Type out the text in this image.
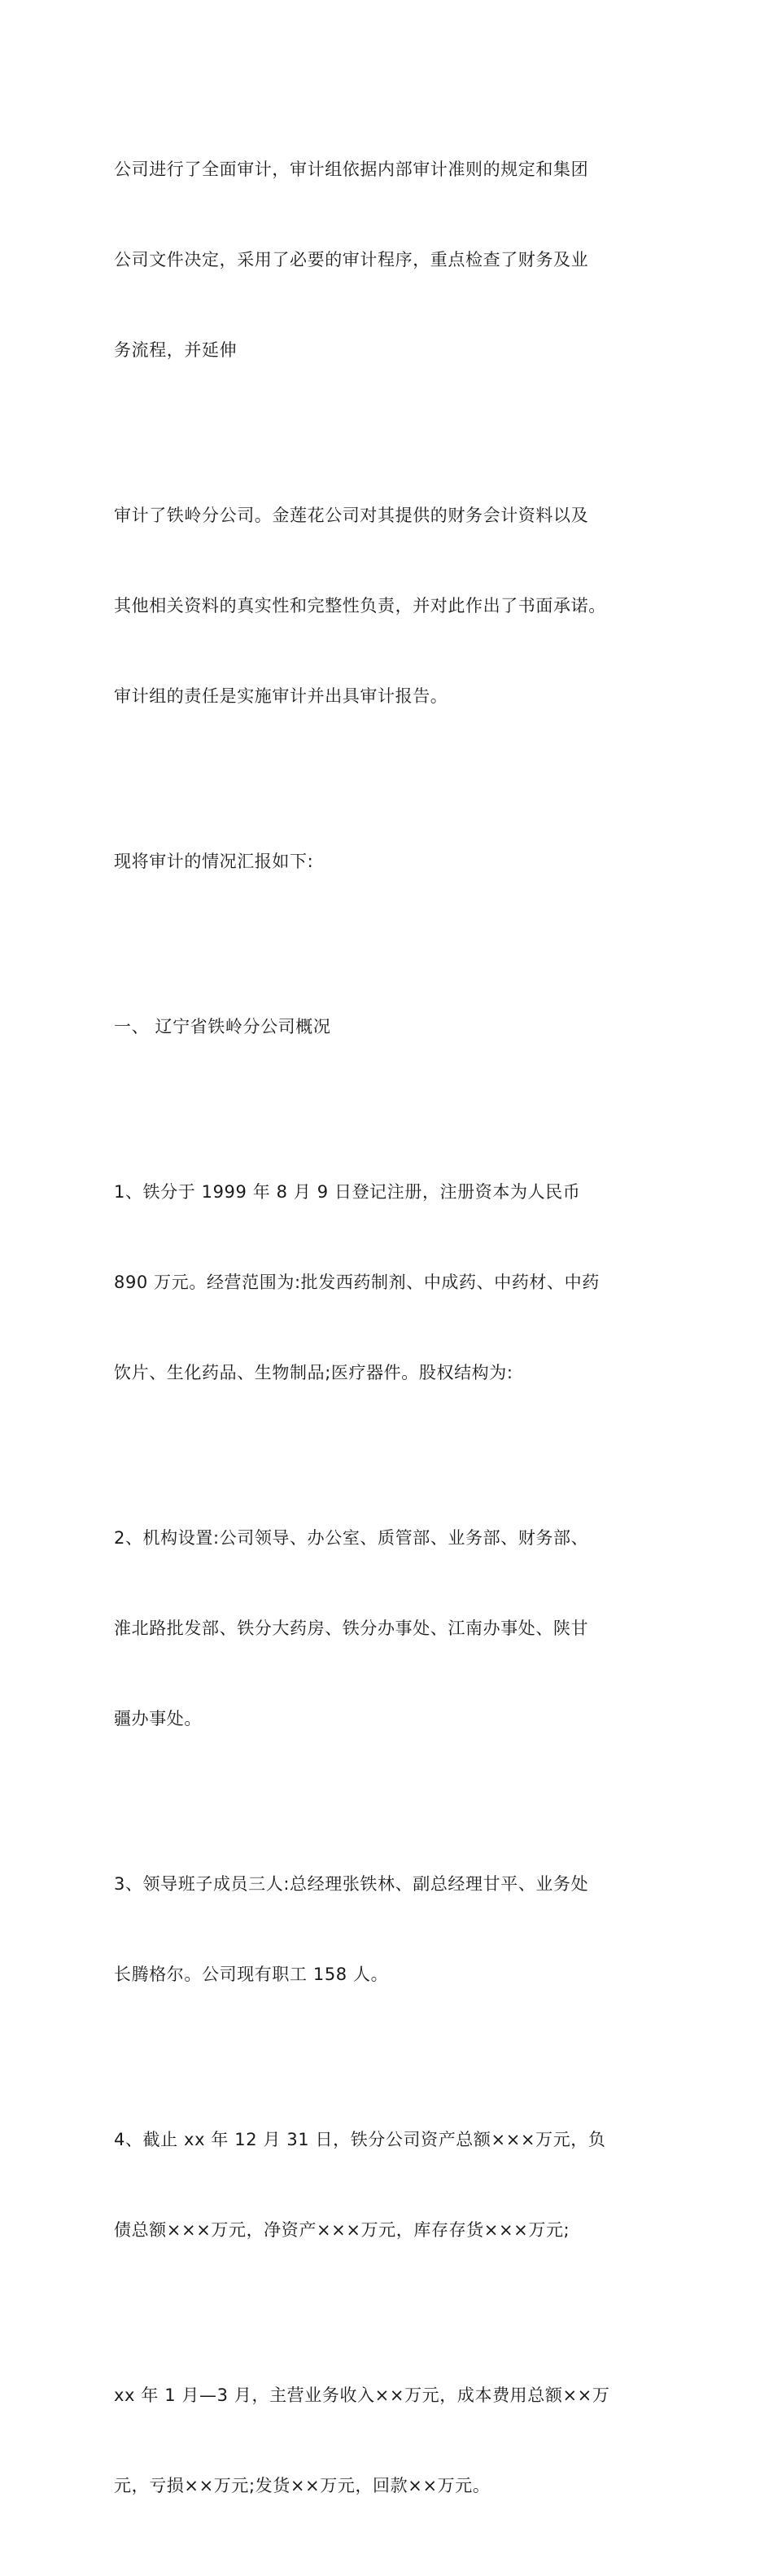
公司进行了全面审计，审计组依据内部审计准则的规定和集团

公司文件决定，采用了必要的审计程序，重点检查了财务及业

务流程，并延伸

审计了铁岭分公司。金莲花公司对其提供的财务会计资料以及

其他相关资料的真实性和完整性负责，并对此作出了书面承诺。

审计组的责任是实施审计并出具审计报告。

现将审计的情况汇报如下:

一、 辽宁省铁岭分公司概况

1、铁分于 1999 年 8 月 9 日登记注册，注册资本为人民币

890 万元。经营范围为:批发西药制剂、中成药、中药材、中药

饮片、生化药品、生物制品;医疗器件。股权结构为:

2、机构设置:公司领导、办公室、质管部、业务部、财务部、

淮北路批发部、铁分大药房、铁分办事处、江南办事处、陕甘

疆办事处。

3、领导班子成员三人:总经理张铁林、副总经理甘平、业务处

长腾格尔。公司现有职工 158 人。

4、截止 xx 年 12 月 31 日，铁分公司资产总额×××万元，负

债总额×××万元，净资产×××万元，库存存货×××万元;

xx 年 1 月—3 月，主营业务收入××万元，成本费用总额××万

元，亏损××万元;发货××万元，回款××万元。
